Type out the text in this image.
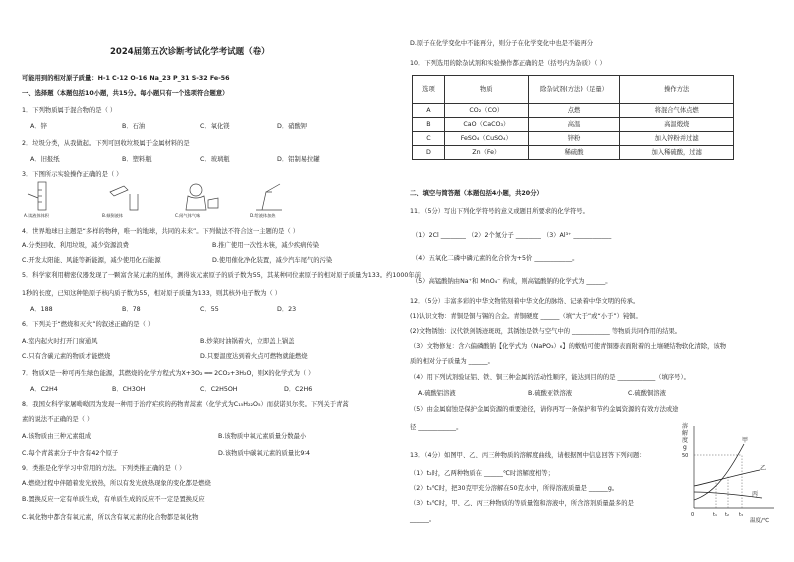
2024届第五次诊断考试化学考试题（卷）
可能用到的相对原子质量：H-1 C-12 O-16 Na_23 P_31 S-32 Fe-56
一、选择题（本题包括10小题，共15分。每小题只有一个选项符合题意）
1．下列物质属于混合物的是（ ）
A．锌	B．石油	C．氧化镁	D．硝酸钾
2．垃圾分类，从我做起。下列可回收垃圾属于金属材料的是
A．旧报纸	B．塑料瓶	C．玻璃瓶	D．铝制易拉罐
3．下图所示实验操作正确的是（ ）
A.读液体体积	B.倾倒液体	C.闻气体气味	D.给液体加热
4．世界地球日主题是“多样的物种，唯一的地球，共同的未来”。下列做法不符合这一主题的是（ ）
A.分类回收、利用垃圾，减少资源浪费	B.推广使用一次性木筷，减少疾病传染
C.开发太阳能、风能等新能源，减少使用化石能源	D.使用催化净化装置，减少汽车尾气的污染
5．科学家利用精密仪器发现了一颗富含某元素的星体，测得该元素原子的质子数为55，其某种同位素原子的相对原子质量为133。约1000年前
1秒的长度，已知这种铯原子核内质子数为55，相对原子质量为133，则其核外电子数为（ ）
A．188	B．78	C．55	D．23
6．下列关于“燃烧和灭火”的叙述正确的是（ ）
A.室内起火时打开门窗通风	B.炒菜时油锅着火，立即盖上锅盖
C.只有含碳元素的物质才能燃烧	D.只要温度达到着火点可燃物就能燃烧
7．物质X是一种可再生绿色能源，其燃烧的化学方程式为X+3O₂ ══ 2CO₂+3H₂O，则X的化学式为（ ）
A．C2H4	B．CH3OH	C．C2H5OH	D．C2H6
8．我国女科学家屠呦呦因为发现一种用于治疗疟疾的药物青蒿素（化学式为C₁₅H₂₂O₅）而获诺贝尔奖。下列关于青蒿
素的说法不正确的是（ ）
A.该物质由三种元素组成	B.该物质中氧元素质量分数最小
C.每个青蒿素分子中含有42个原子	D.该物质中碳氧元素的质量比9∶4
9．类推是化学学习中常用的方法。下列类推正确的是（ ）
A.燃烧过程中伴随着发光放热，所以有发光放热现象的变化都是燃烧
B.置换反应一定有单质生成，有单质生成的反应不一定是置换反应
C.氧化物中都含有氧元素，所以含有氧元素的化合物都是氧化物
D.原子在化学变化中不能再分，则分子在化学变化中也是不能再分
10．下列选用的除杂试剂和实验操作都正确的是（括号内为杂质）（ ）
选项	物质	除杂试剂(方法)（足量）	操作方法
A	CO₂（CO）	点燃	将混合气体点燃
B	CaO（CaCO₃）	高温	高温煅烧
C	FeSO₄（CuSO₄）	锌粉	加入锌粉并过滤
D	Zn（Fe）	稀硫酸	加入稀硫酸，过滤
二、填空与简答题（本题包括4小题，共20分）
11．（5分）写出下列化学符号的意义或题目所要求的化学符号。
（1）2Cl ________ （2）2个氮分子 ________ （3）Al³⁺ ____________
（4）五氧化二磷中磷元素的化合价为+5价 ____________。
（5）高锰酸钠由Na⁺和 MnO₄⁻ 构成，则高锰酸钠的化学式为 ______。
12．（5分）丰富多彩的中华文物铭刻着中华文化的脉络、记录着中华文明的传承。
(1)认识文物：青铜是铜与锡的合金。青铜硬度 ______（填“大于”或“小于”）钝铜。
(2)文物锈蚀：汉代铁剑锈迹斑斑，其锈蚀是铁与空气中的 ____________ 等物质共同作用的结果。
（3）文物修复：含六偏磷酸钠【化学式为（NaPO₃）₆】的敷贴可使青铜器表面附着的土壤硬结物软化清除，该物
质的相对分子质量为 ______。
（4）用下列试剂验证铝、铁、铜三种金属的活动性顺序，能达到目的的是 ____________（填序号）。
A.硫酸铝溶液	B.硫酸亚铁溶液	C.硫酸铜溶液
（5）由金属腐蚀是保护金属资源的重要途径，请你再写一条保护和节约金属资源的有效方法或途
径 ____________。
13．（4分）如图甲、乙、丙三种物质的溶解度曲线，请根据图中信息回答下列问题：
（1）t₂时，乙两种物质在 ______℃时溶解度相等；
（2）t₃℃时，把30克甲充分溶解在50克水中，所得溶液质量是 ______g。
（3）t₃℃时，甲、乙、丙三种物质的等质量饱和溶液中，所含溶剂质量最多的是
______。
溶
解
度
g
50
甲
乙
丙
0	t₁ t₂ t₃
温度/℃
